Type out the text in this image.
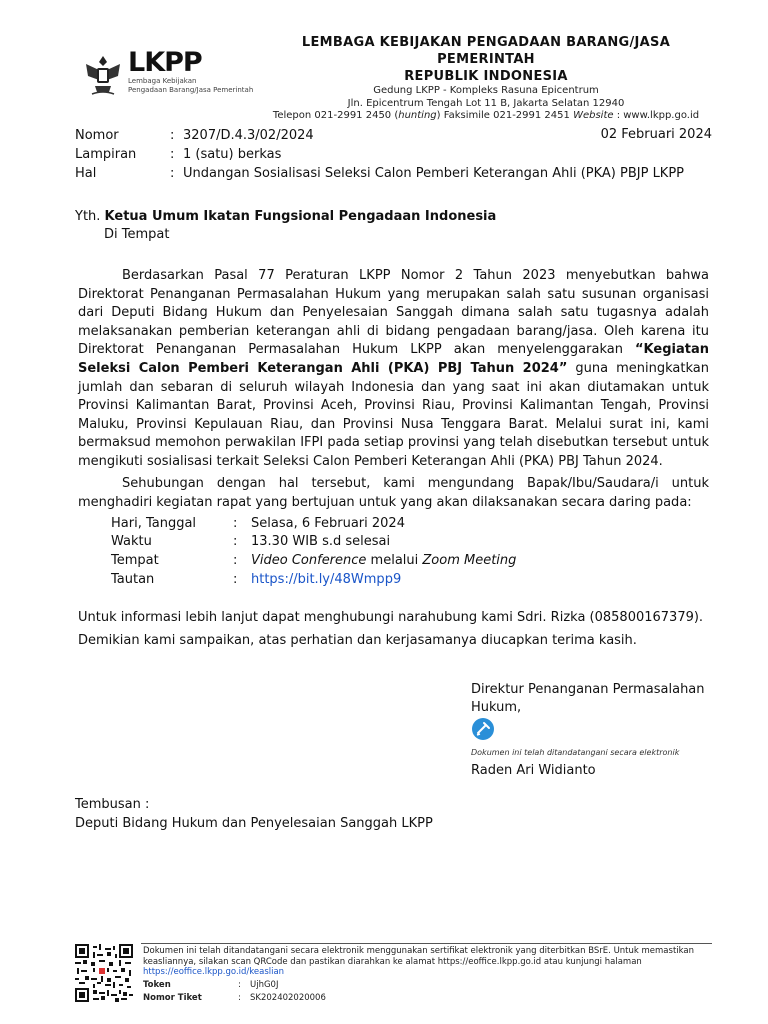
LKPP
Lembaga Kebijakan
Pengadaan Barang/Jasa Pemerintah
LEMBAGA KEBIJAKAN PENGADAAN BARANG/JASA PEMERINTAH
REPUBLIK INDONESIA
Gedung LKPP - Kompleks Rasuna Epicentrum
Jln. Epicentrum Tengah Lot 11 B, Jakarta Selatan 12940
Telepon 021-2991 2450 (hunting) Faksimile 021-2991 2451 Website : www.lkpp.go.id
Nomor	: 3207/D.4.3/02/2024
Lampiran	: 1 (satu) berkas
Hal	: Undangan Sosialisasi Seleksi Calon Pemberi Keterangan Ahli (PKA) PBJP LKPP
02 Februari 2024
Yth. Ketua Umum Ikatan Fungsional Pengadaan Indonesia
Di Tempat
Berdasarkan Pasal 77 Peraturan LKPP Nomor 2 Tahun 2023 menyebutkan bahwa Direktorat Penanganan Permasalahan Hukum yang merupakan salah satu susunan organisasi dari Deputi Bidang Hukum dan Penyelesaian Sanggah dimana salah satu tugasnya adalah melaksanakan pemberian keterangan ahli di bidang pengadaan barang/jasa. Oleh karena itu Direktorat Penanganan Permasalahan Hukum LKPP akan menyelenggarakan “Kegiatan Seleksi Calon Pemberi Keterangan Ahli (PKA) PBJ Tahun 2024” guna meningkatkan jumlah dan sebaran di seluruh wilayah Indonesia dan yang saat ini akan diutamakan untuk Provinsi Kalimantan Barat, Provinsi Aceh, Provinsi Riau, Provinsi Kalimantan Tengah, Provinsi Maluku, Provinsi Kepulauan Riau, dan Provinsi Nusa Tenggara Barat. Melalui surat ini, kami bermaksud memohon perwakilan IFPI pada setiap provinsi yang telah disebutkan tersebut untuk mengikuti sosialisasi terkait Seleksi Calon Pemberi Keterangan Ahli (PKA) PBJ Tahun 2024.
Sehubungan dengan hal tersebut, kami mengundang Bapak/Ibu/Saudara/i untuk menghadiri kegiatan rapat yang bertujuan untuk yang akan dilaksanakan secara daring pada:
Hari, Tanggal	: Selasa, 6 Februari 2024
Waktu	: 13.30 WIB s.d selesai
Tempat	: Video Conference melalui Zoom Meeting
Tautan	: https://bit.ly/48Wmpp9
Untuk informasi lebih lanjut dapat menghubungi narahubung kami Sdri. Rizka (085800167379).
Demikian kami sampaikan, atas perhatian dan kerjasamanya diucapkan terima kasih.
Direktur Penanganan Permasalahan
Hukum,
Dokumen ini telah ditandatangani secara elektronik
Raden Ari Widianto
Tembusan :
Deputi Bidang Hukum dan Penyelesaian Sanggah LKPP
Dokumen ini telah ditandatangani secara elektronik menggunakan sertifikat elektronik yang diterbitkan BSrE. Untuk memastikan keasliannya, silakan scan QRCode dan pastikan diarahkan ke alamat https://eoffice.lkpp.go.id atau kunjungi halaman
https://eoffice.lkpp.go.id/keaslian
Token	: UjhG0J
Nomor Tiket	: SK202402020006
